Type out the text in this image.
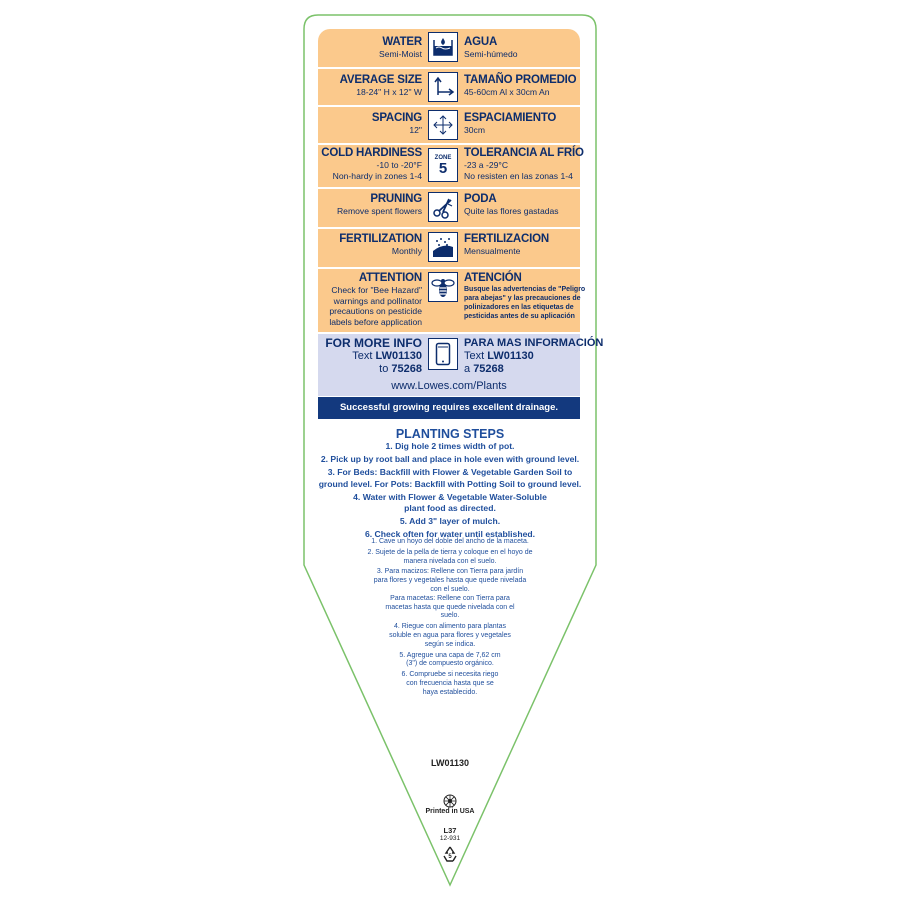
WATER
Semi-Moist
AGUA
Semi-húmedo
AVERAGE SIZE
18-24" H x 12" W
TAMAÑO PROMEDIO
45-60cm Al x 30cm An
SPACING
12"
ESPACIAMIENTO
30cm
COLD HARDINESS
-10 to -20°F
Non-hardy in zones 1-4
ZONE
5
TOLERANCIA AL FRÍO
-23 a -29°C
No resisten en las zonas 1-4
PRUNING
Remove spent flowers
PODA
Quite las flores gastadas
FERTILIZATION
Monthly
FERTILIZACION
Mensualmente
ATTENTION
Check for "Bee Hazard"
warnings and pollinator
precautions on pesticide
labels before application
ATENCIÓN
Busque las advertencias de "Peligro
para abejas" y las precauciones de
polinizadores en las etiquetas de
pesticidas antes de su aplicación
FOR MORE INFO
Text LW01130
to 75268
PARA MAS INFORMACIÓN
Text LW01130
a 75268
www.Lowes.com/Plants
Successful growing requires excellent drainage.
PLANTING STEPS
1. Dig hole 2 times width of pot.
2. Pick up by root ball and place in hole even with ground level.
3. For Beds: Backfill with Flower & Vegetable Garden Soil to
ground level. For Pots: Backfill with Potting Soil to ground level.
4. Water with Flower & Vegetable Water-Soluble
plant food as directed.
5. Add 3" layer of mulch.
6. Check often for water until established.
1. Cave un hoyo del doble del ancho de la maceta.
2. Sujete de la pella de tierra y coloque en el hoyo de
manera nivelada con el suelo.
3. Para macizos: Rellene con Tierra para jardín
para flores y vegetales hasta que quede nivelada
con el suelo.
Para macetas: Rellene con Tierra para
macetas hasta que quede nivelada con el
suelo.
4. Riegue con alimento para plantas
soluble en agua para flores y vegetales
según se indica.
5. Agregue una capa de 7,62 cm
(3") de compuesto orgánico.
6. Compruebe si necesita riego
con frecuencia hasta que se
haya establecido.
LW01130
Printed in USA
L37
12-931
5
